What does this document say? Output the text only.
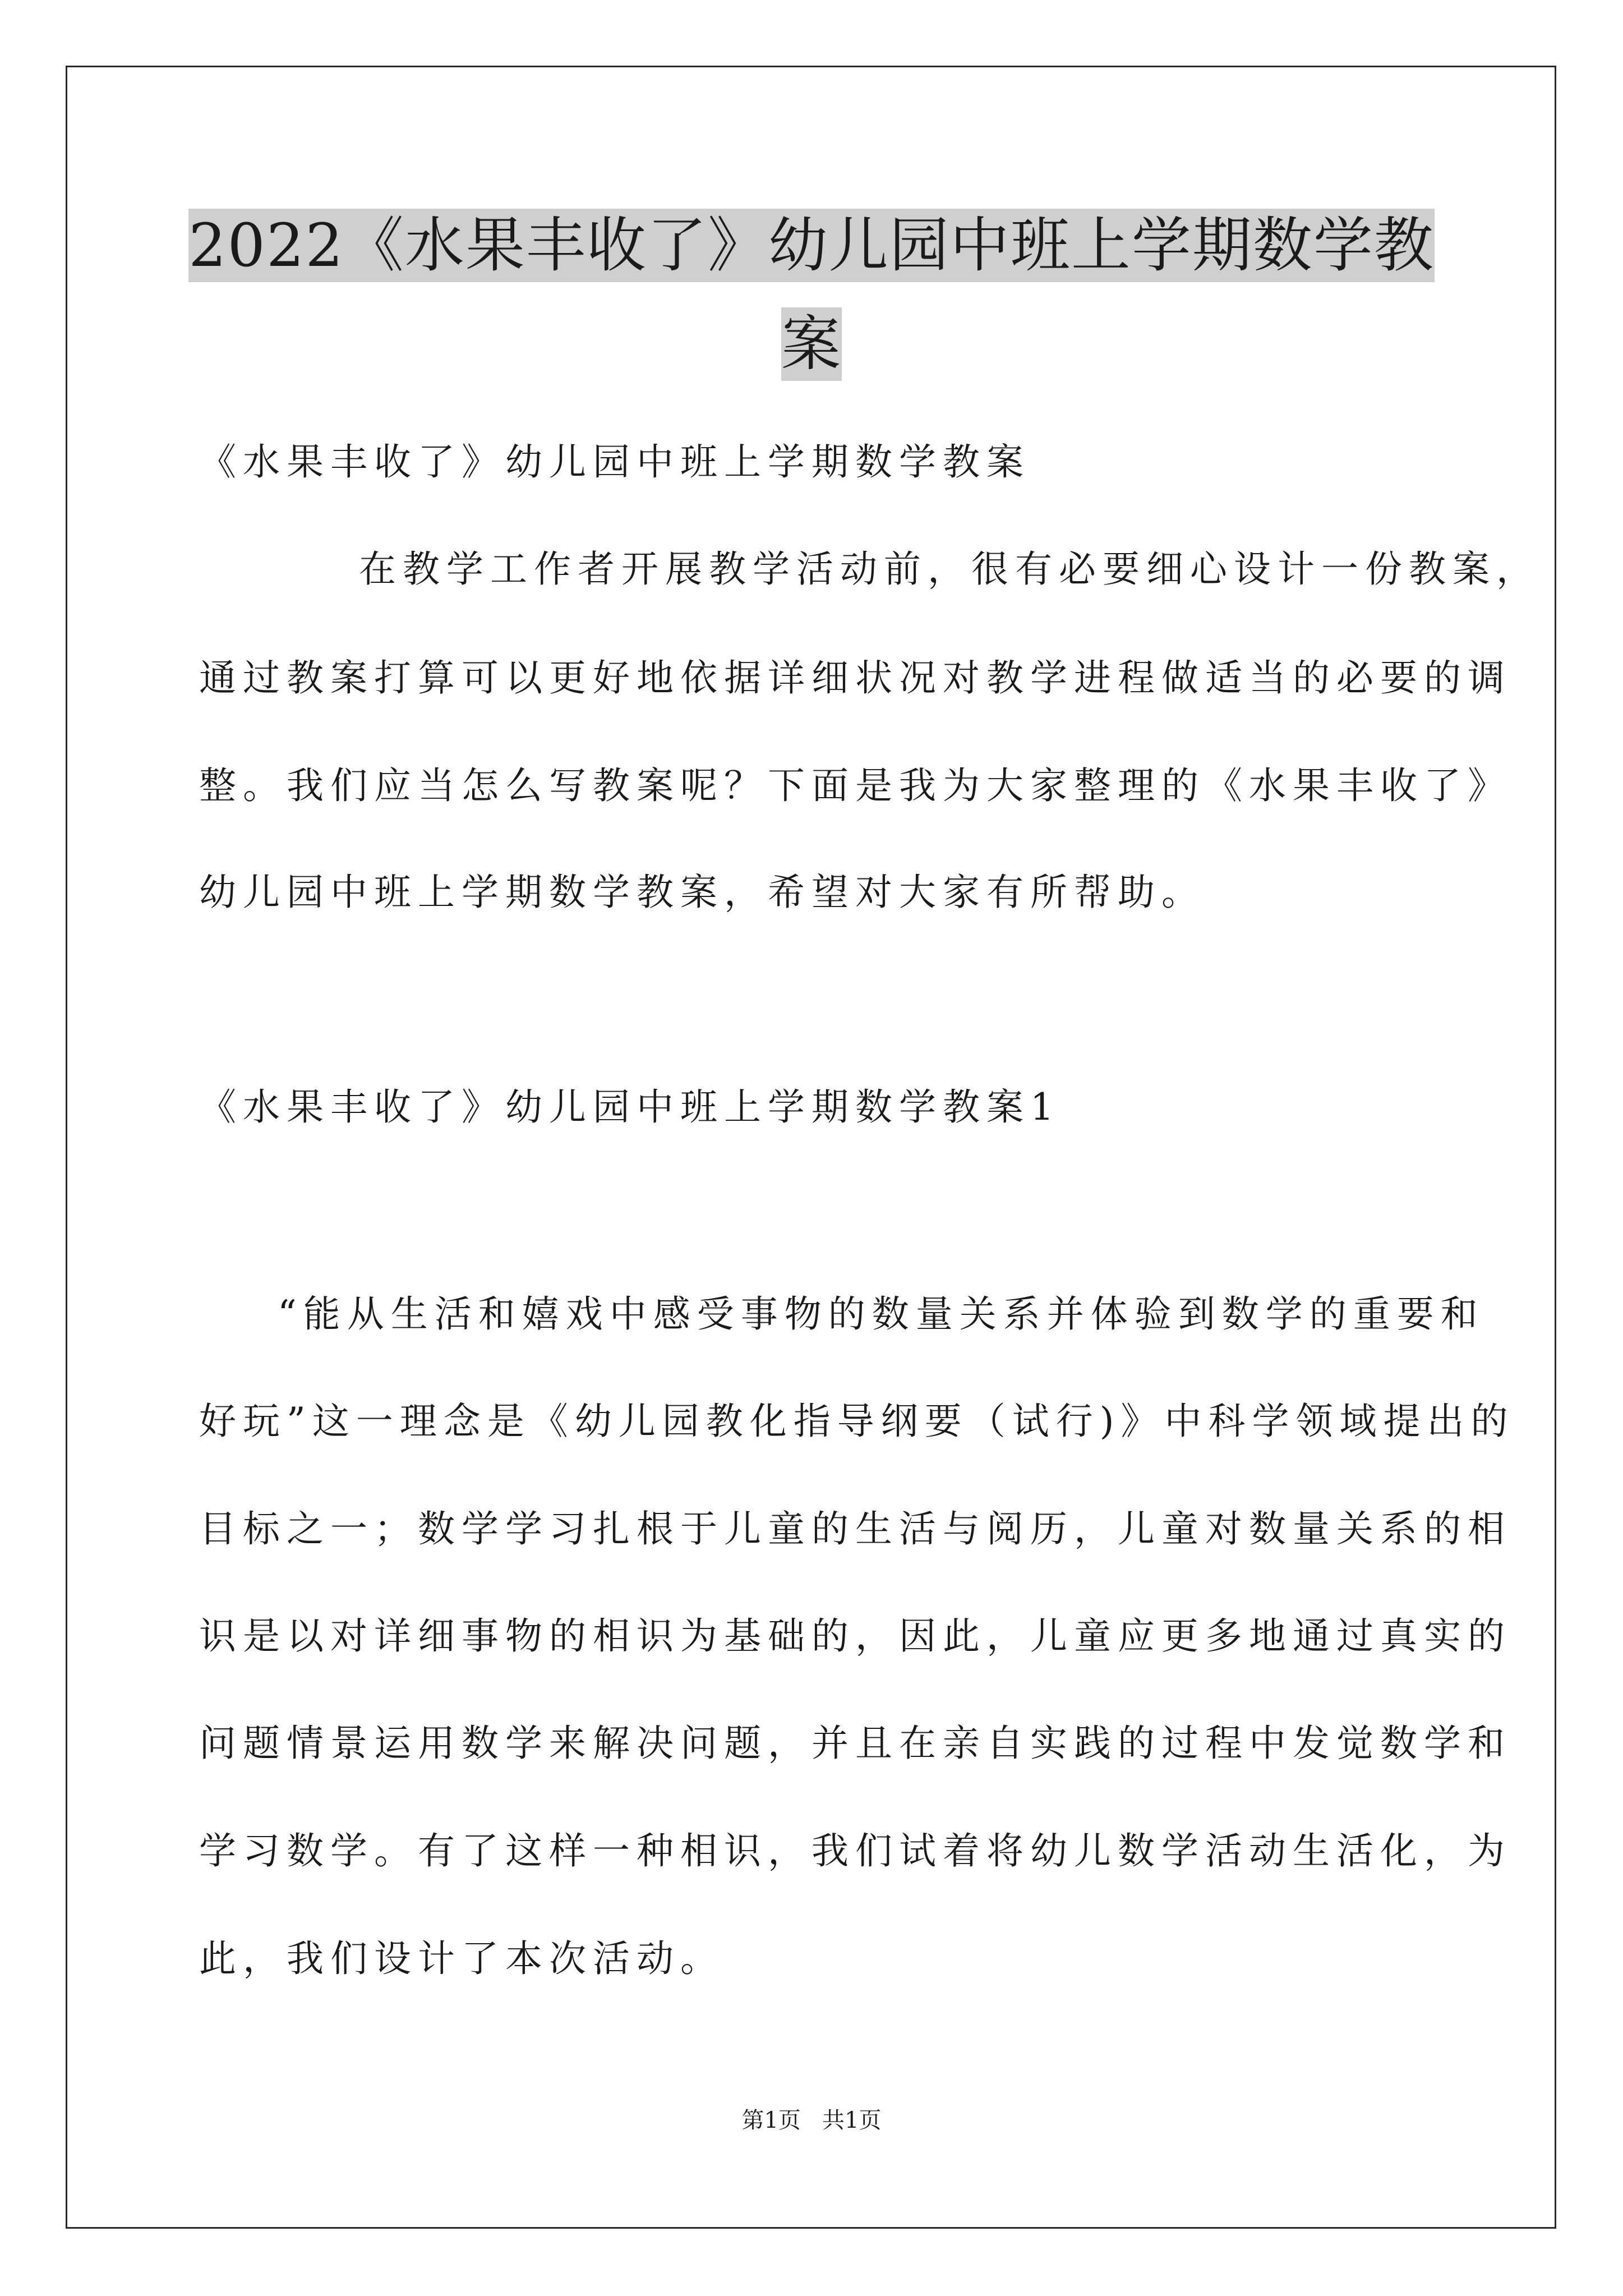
2022《水果丰收了》幼儿园中班上学期数学教
案
《水果丰收了》幼儿园中班上学期数学教案
在教学工作者开展教学活动前，很有必要细心设计一份教案，
通过教案打算可以更好地依据详细状况对教学进程做适当的必要的调
整。我们应当怎么写教案呢？下面是我为大家整理的《水果丰收了》
幼儿园中班上学期数学教案，希望对大家有所帮助。
《水果丰收了》幼儿园中班上学期数学教案1
“能从生活和嬉戏中感受事物的数量关系并体验到数学的重要和
好玩”这一理念是《幼儿园教化指导纲要（试行)》中科学领域提出的
目标之一；数学学习扎根于儿童的生活与阅历，儿童对数量关系的相
识是以对详细事物的相识为基础的，因此，儿童应更多地通过真实的
问题情景运用数学来解决问题，并且在亲自实践的过程中发觉数学和
学习数学。有了这样一种相识，我们试着将幼儿数学活动生活化，为
此，我们设计了本次活动。
第1页   共1页
